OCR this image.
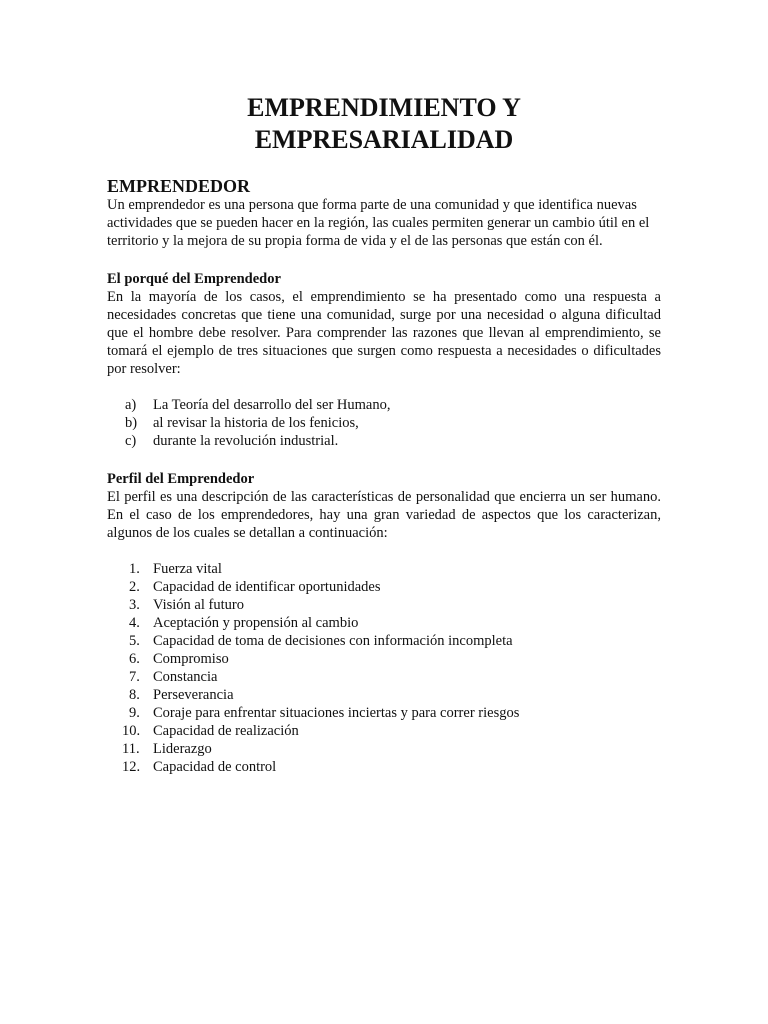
EMPRENDIMIENTO Y
EMPRESARIALIDAD
EMPRENDEDOR

Un emprendedor es una persona que forma parte de una comunidad y que identifica nuevas actividades que se pueden hacer en la región, las cuales permiten generar un cambio útil en el territorio y la mejora de su propia forma de vida y el de las personas que están con él.

El porqué del Emprendedor

En la mayoría de los casos, el emprendimiento se ha presentado como una respuesta a necesidades concretas que tiene una comunidad, surge por una necesidad o alguna dificultad que el hombre debe resolver. Para comprender las razones que llevan al emprendimiento, se tomará el ejemplo de tres situaciones que surgen como respuesta a necesidades o dificultades por resolver:

a)	La Teoría del desarrollo del ser Humano,
b)	al revisar la historia de los fenicios,
c)	durante la revolución industrial.
Perfil del Emprendedor

El perfil es una descripción de las características de personalidad que encierra un ser humano. En el caso de los emprendedores, hay una gran variedad de aspectos que los caracterizan, algunos de los cuales se detallan a continuación:

1. Fuerza vital
2. Capacidad de identificar oportunidades
3. Visión al futuro
4. Aceptación y propensión al cambio
5. Capacidad de toma de decisiones con información incompleta
6. Compromiso
7. Constancia
8. Perseverancia
9. Coraje para enfrentar situaciones inciertas y para correr riesgos
10. Capacidad de realización
11. Liderazgo
12. Capacidad de control
